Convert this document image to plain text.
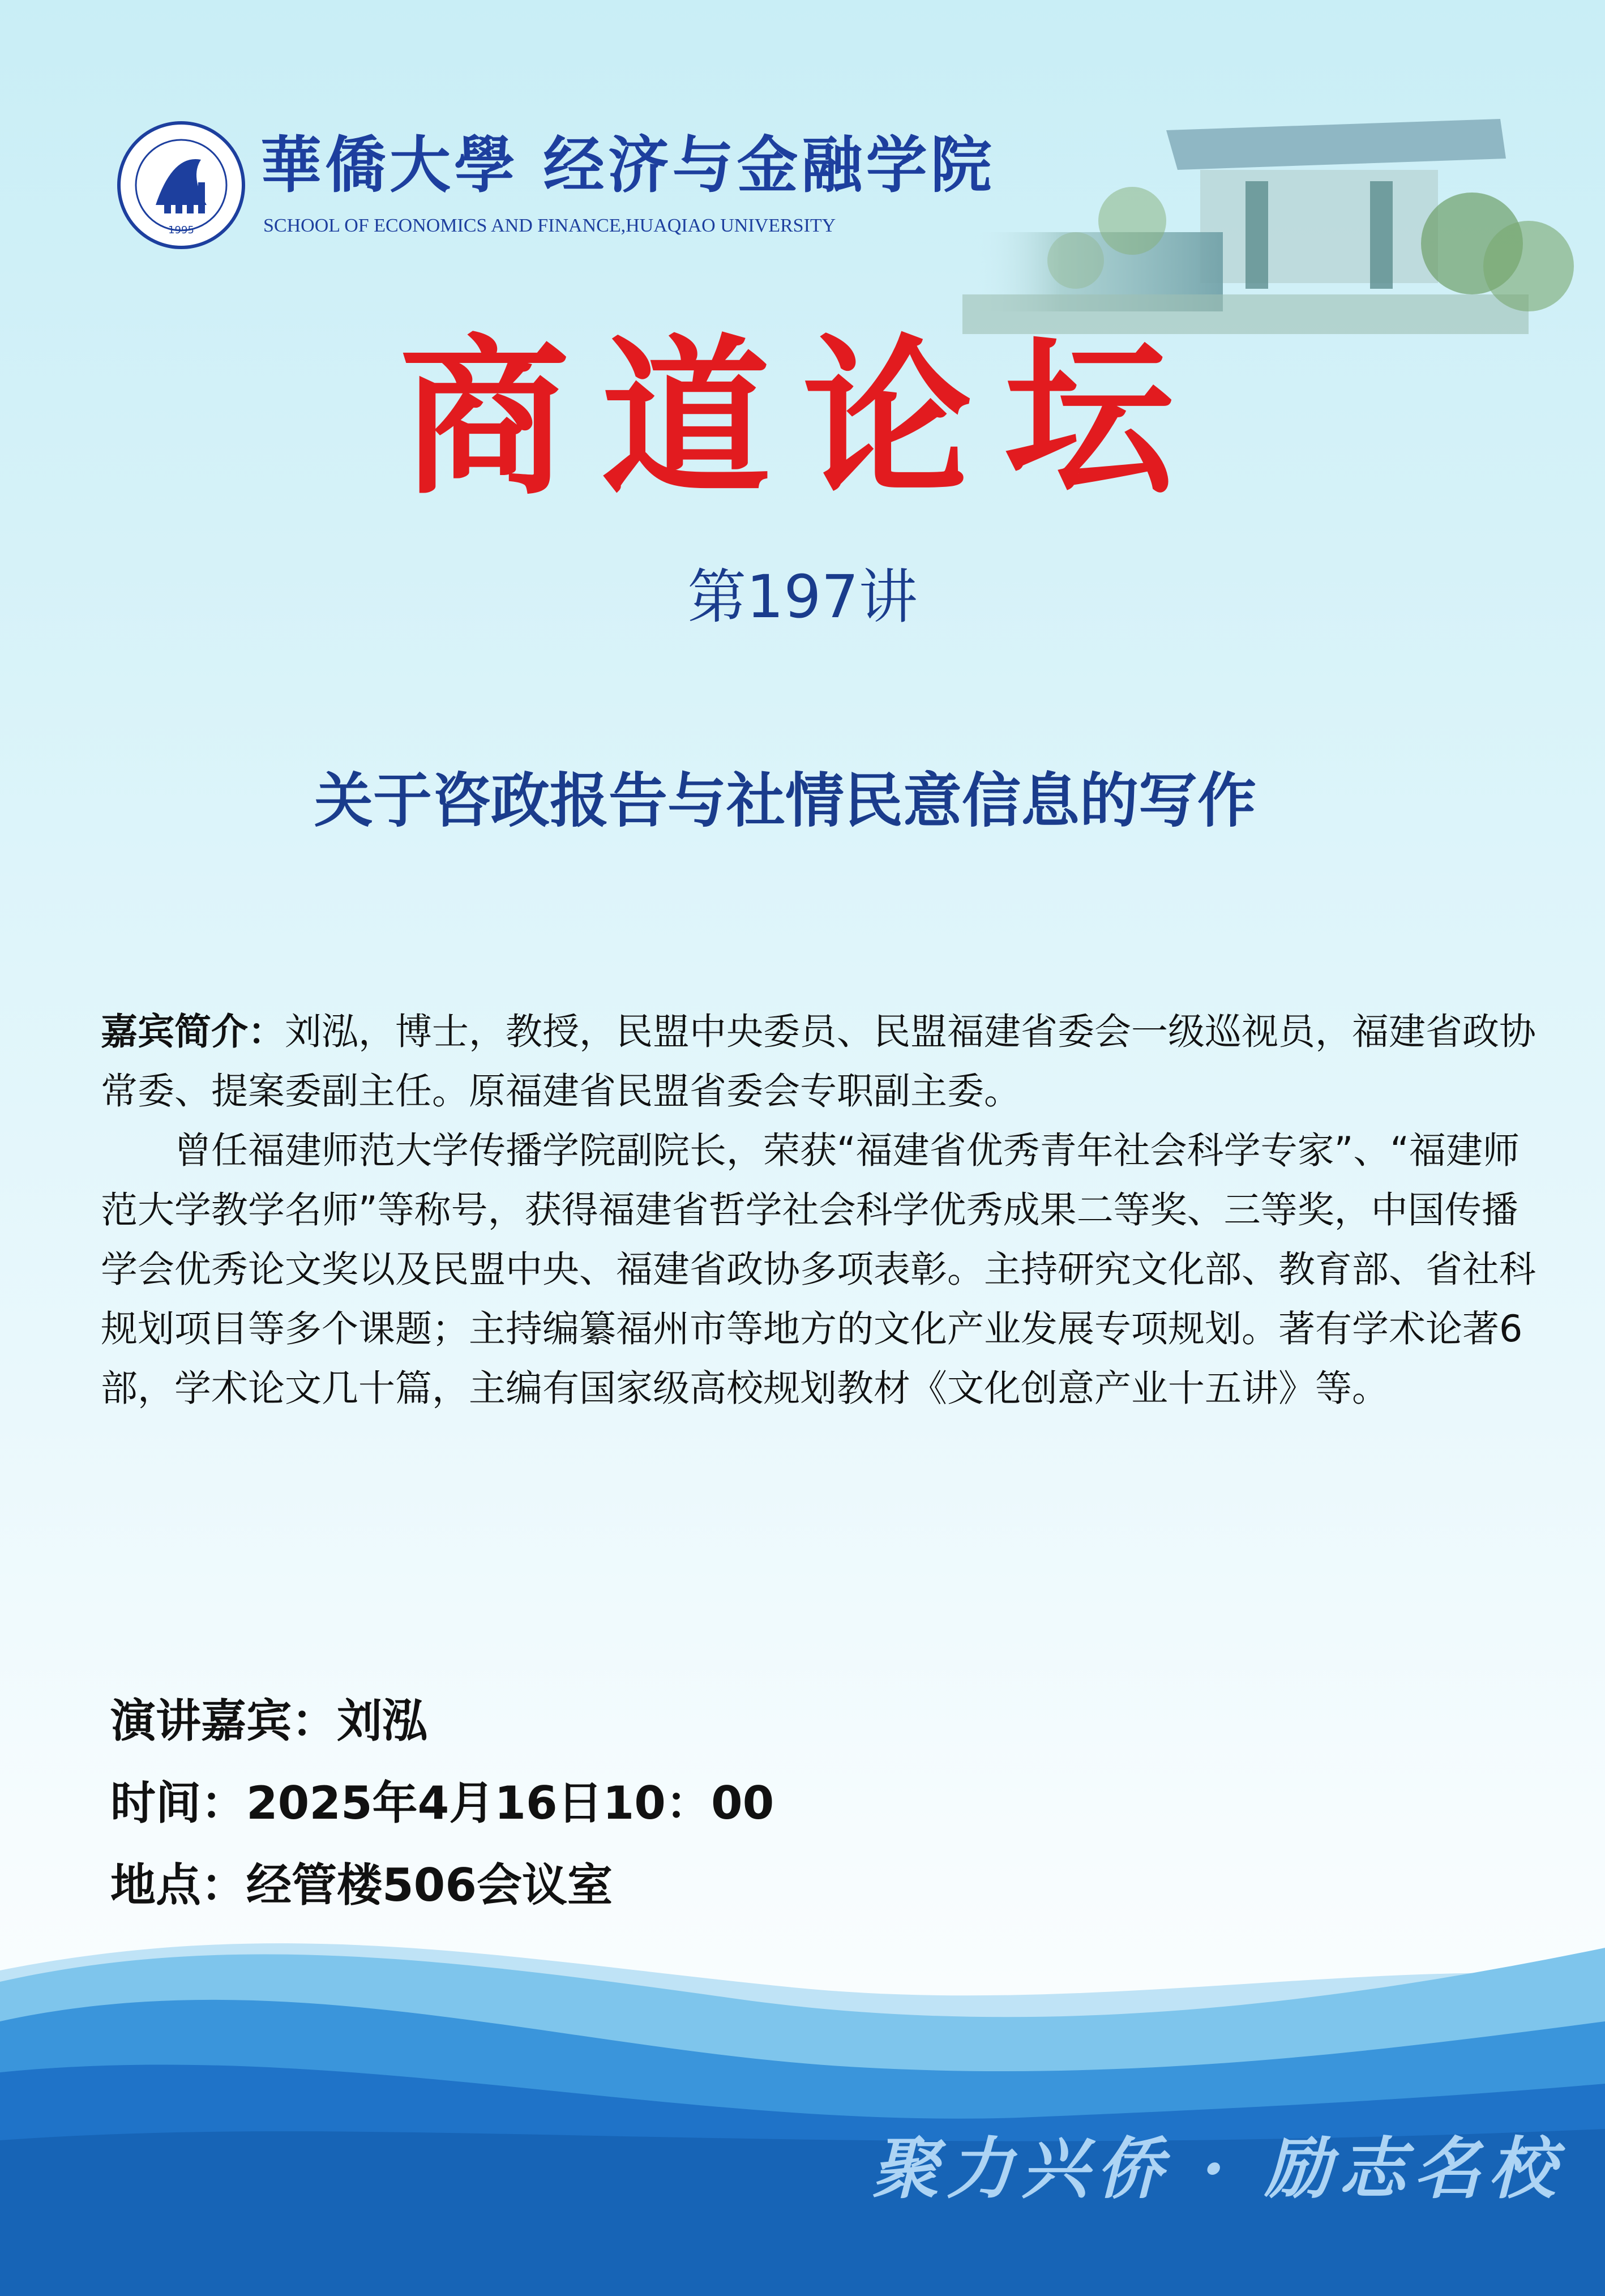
1995
華僑大學 经济与金融学院
SCHOOL OF ECONOMICS AND FINANCE,HUAQIAO UNIVERSITY
商道论坛
第197讲
关于咨政报告与社情民意信息的写作

嘉宾简介：刘泓，博士，教授，民盟中央委员、民盟福建省委会一级巡视员，福建省政协常委、提案委副主任。原福建省民盟省委会专职副主委。

曾任福建师范大学传播学院副院长，荣获“福建省优秀青年社会科学专家”、“福建师范大学教学名师”等称号，获得福建省哲学社会科学优秀成果二等奖、三等奖，中国传播学会优秀论文奖以及民盟中央、福建省政协多项表彰。主持研究文化部、教育部、省社科规划项目等多个课题；主持编纂福州市等地方的文化产业发展专项规划。著有学术论著6部，学术论文几十篇，主编有国家级高校规划教材《文化创意产业十五讲》等。

演讲嘉宾：刘泓
时间：2025年4月16日10：00
地点：经管楼506会议室
聚力兴侨 · 励志名校
